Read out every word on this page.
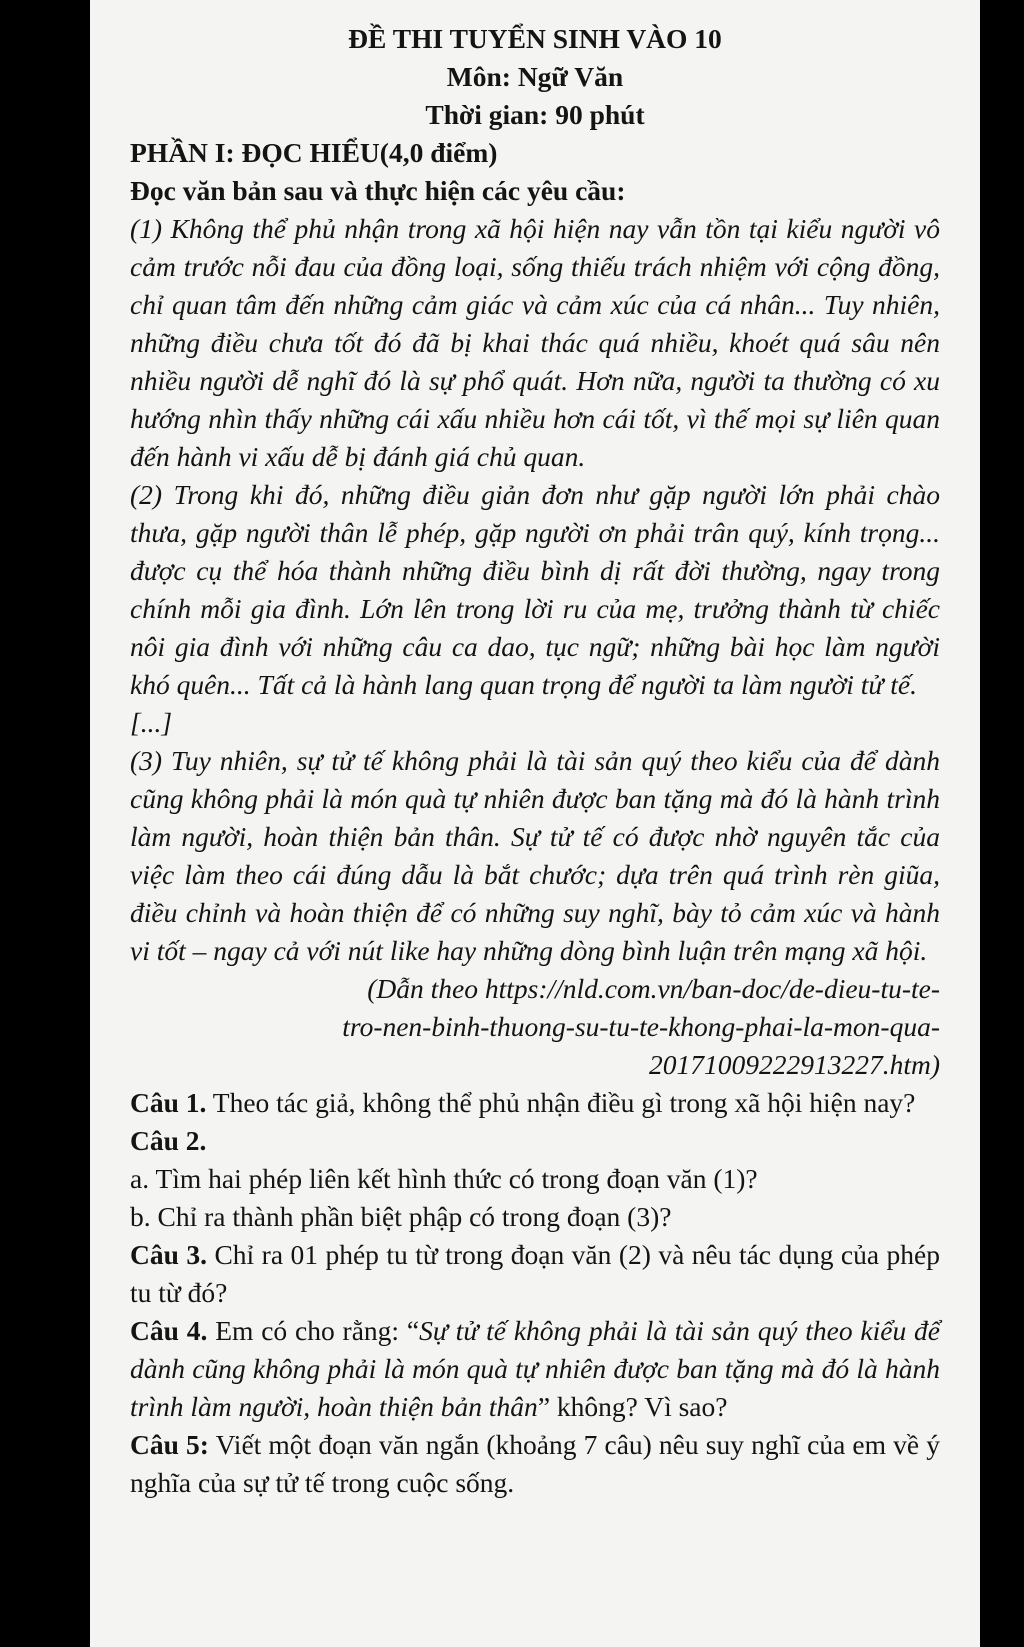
ĐỀ THI TUYỂN SINH VÀO 10

Môn: Ngữ Văn

Thời gian: 90 phút

PHẦN I: ĐỌC HIỂU(4,0 điểm)

Đọc văn bản sau và thực hiện các yêu cầu:

(1) Không thể phủ nhận trong xã hội hiện nay vẫn tồn tại kiểu người vô cảm trước nỗi đau của đồng loại, sống thiếu trách nhiệm với cộng đồng, chỉ quan tâm đến những cảm giác và cảm xúc của cá nhân... Tuy nhiên, những điều chưa tốt đó đã bị khai thác quá nhiều, khoét quá sâu nên nhiều người dễ nghĩ đó là sự phổ quát. Hơn nữa, người ta thường có xu hướng nhìn thấy những cái xấu nhiều hơn cái tốt, vì thế mọi sự liên quan đến hành vi xấu dễ bị đánh giá chủ quan.

(2) Trong khi đó, những điều giản đơn như gặp người lớn phải chào thưa, gặp người thân lễ phép, gặp người ơn phải trân quý, kính trọng... được cụ thể hóa thành những điều bình dị rất đời thường, ngay trong chính mỗi gia đình. Lớn lên trong lời ru của mẹ, trưởng thành từ chiếc nôi gia đình với những câu ca dao, tục ngữ; những bài học làm người khó quên... Tất cả là hành lang quan trọng để người ta làm người tử tế.

[...]

(3) Tuy nhiên, sự tử tế không phải là tài sản quý theo kiểu của để dành cũng không phải là món quà tự nhiên được ban tặng mà đó là hành trình làm người, hoàn thiện bản thân. Sự tử tế có được nhờ nguyên tắc của việc làm theo cái đúng dẫu là bắt chước; dựa trên quá trình rèn giũa, điều chỉnh và hoàn thiện để có những suy nghĩ, bày tỏ cảm xúc và hành vi tốt – ngay cả với nút like hay những dòng bình luận trên mạng xã hội.

(Dẫn theo https://nld.com.vn/ban-doc/de-dieu-tu-te-

tro-nen-binh-thuong-su-tu-te-khong-phai-la-mon-qua-

20171009222913227.htm)

Câu 1. Theo tác giả, không thể phủ nhận điều gì trong xã hội hiện nay?

Câu 2.

a. Tìm hai phép liên kết hình thức có trong đoạn văn (1)?

b. Chỉ ra thành phần biệt phập có trong đoạn (3)?

Câu 3. Chỉ ra 01 phép tu từ trong đoạn văn (2) và nêu tác dụng của phép tu từ đó?

Câu 4. Em có cho rằng: “Sự tử tế không phải là tài sản quý theo kiểu để dành cũng không phải là món quà tự nhiên được ban tặng mà đó là hành trình làm người, hoàn thiện bản thân” không? Vì sao?

Câu 5: Viết một đoạn văn ngắn (khoảng 7 câu) nêu suy nghĩ của em về ý nghĩa của sự tử tế trong cuộc sống.
